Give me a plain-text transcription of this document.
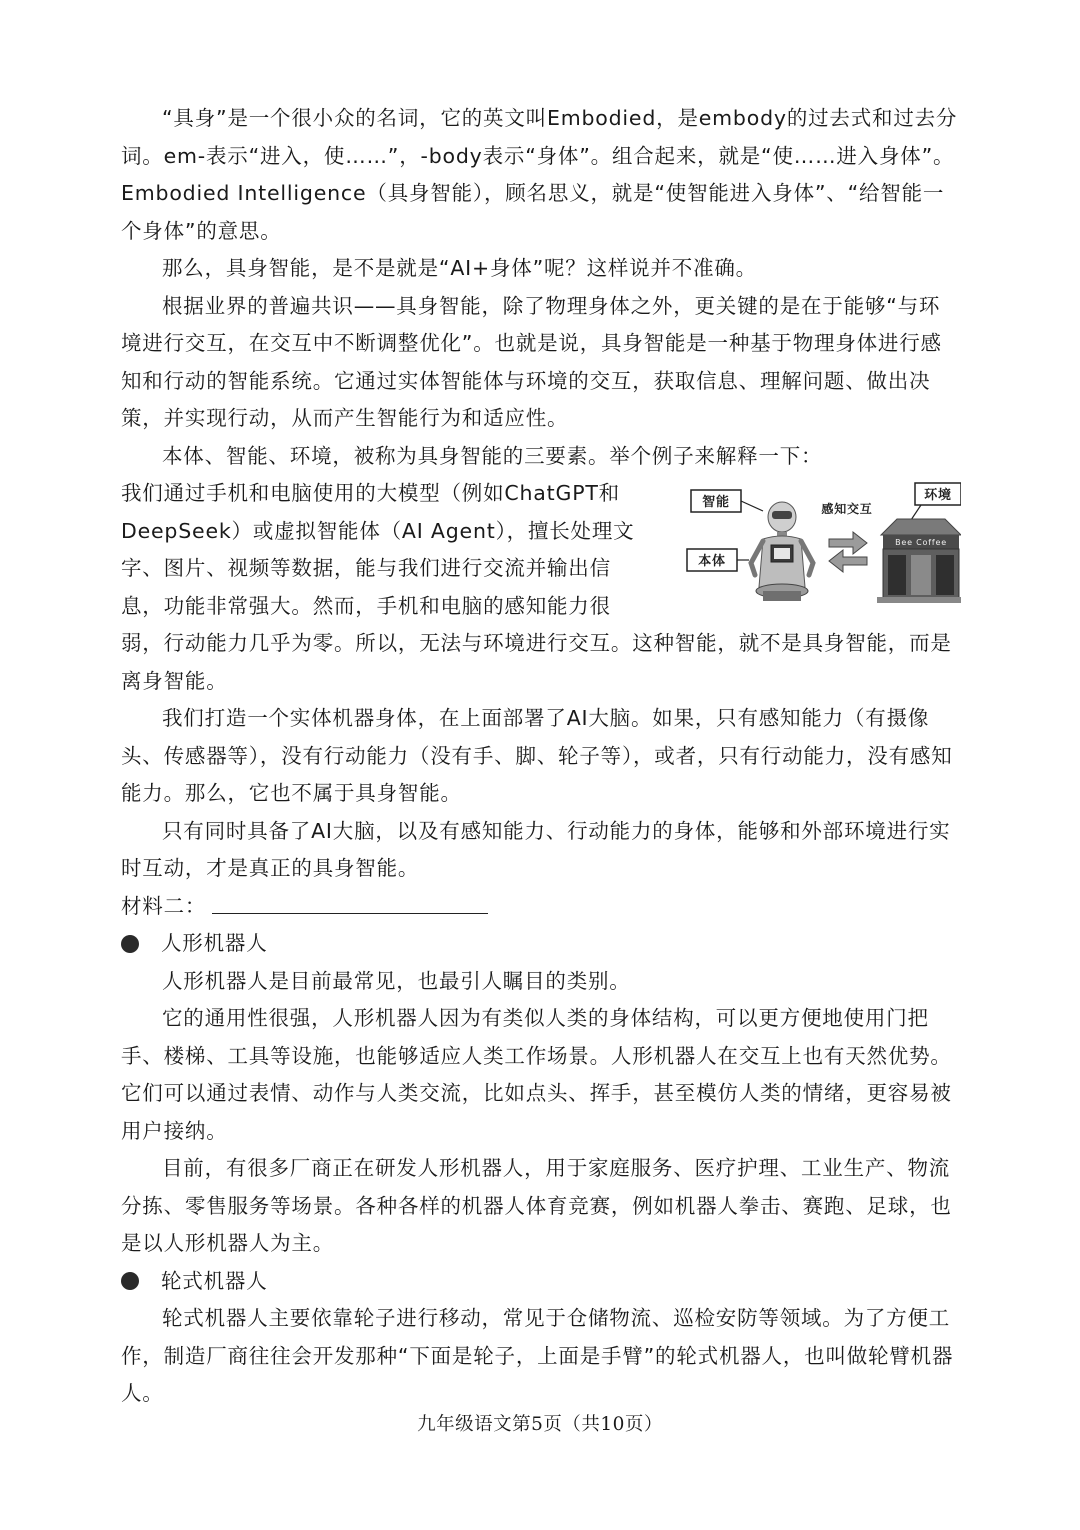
“具身”是一个很小众的名词，它的英文叫Embodied，是embody的过去式和过去分词。em-表示“进入，使……”，-body表示“身体”。组合起来，就是“使……进入身体”。Embodied Intelligence（具身智能），顾名思义，就是“使智能进入身体”、“给智能一个身体”的意思。

那么，具身智能，是不是就是“AI+身体”呢？这样说并不准确。

根据业界的普遍共识——具身智能，除了物理身体之外，更关键的是在于能够“与环境进行交互，在交互中不断调整优化”。也就是说，具身智能是一种基于物理身体进行感知和行动的智能系统。它通过实体智能体与环境的交互，获取信息、理解问题、做出决策，并实现行动，从而产生智能行为和适应性。

本体、智能、环境，被称为具身智能的三要素。举个例子来解释一下：

智能
本体
感知交互
环境
Bee Coffee

我们通过手机和电脑使用的大模型（例如ChatGPT和DeepSeek）或虚拟智能体（AI Agent），擅长处理文字、图片、视频等数据，能与我们进行交流并输出信息，功能非常强大。然而，手机和电脑的感知能力很弱，行动能力几乎为零。所以，无法与环境进行交互。这种智能，就不是具身智能，而是离身智能。

我们打造一个实体机器身体，在上面部署了AI大脑。如果，只有感知能力（有摄像头、传感器等），没有行动能力（没有手、脚、轮子等），或者，只有行动能力，没有感知能力。那么，它也不属于具身智能。

只有同时具备了AI大脑，以及有感知能力、行动能力的身体，能够和外部环境进行实时互动，才是真正的具身智能。

材料二：
人形机器人

人形机器人是目前最常见，也最引人瞩目的类别。

它的通用性很强，人形机器人因为有类似人类的身体结构，可以更方便地使用门把手、楼梯、工具等设施，也能够适应人类工作场景。人形机器人在交互上也有天然优势。它们可以通过表情、动作与人类交流，比如点头、挥手，甚至模仿人类的情绪，更容易被用户接纳。

目前，有很多厂商正在研发人形机器人，用于家庭服务、医疗护理、工业生产、物流分拣、零售服务等场景。各种各样的机器人体育竞赛，例如机器人拳击、赛跑、足球，也是以人形机器人为主。

轮式机器人

轮式机器人主要依靠轮子进行移动，常见于仓储物流、巡检安防等领域。为了方便工作，制造厂商往往会开发那种“下面是轮子，上面是手臂”的轮式机器人，也叫做轮臂机器人。

九年级语文第5页（共10页）
